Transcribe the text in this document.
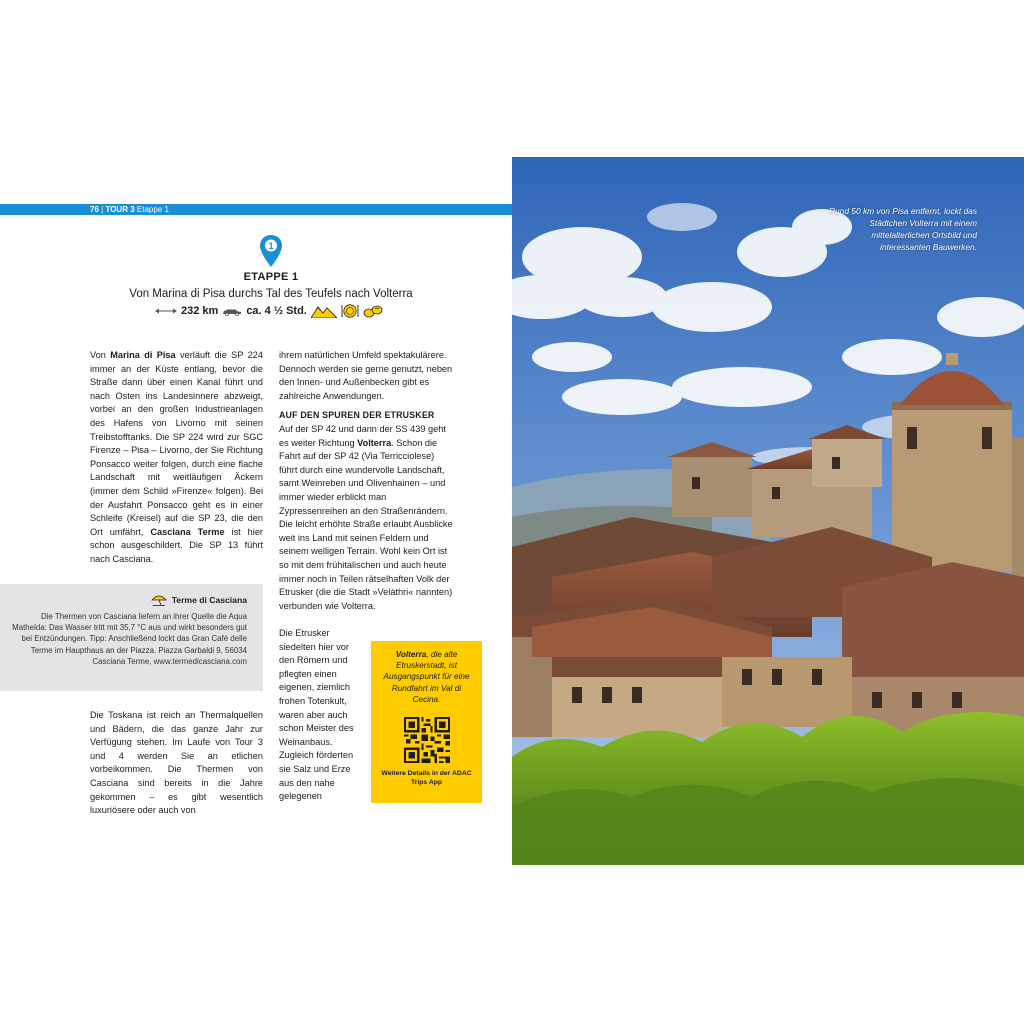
76 | TOUR 3 Etappe 1
1
ETAPPE 1
Von Marina di Pisa durchs Tal des Teufels nach Volterra
232 km	ca. 4 ½ Std.

Von Marina di Pisa verläuft die SP 224 immer an der Küste entlang, bevor die Straße dann über einen Kanal führt und nach Osten ins Landesinnere abzweigt, vorbei an den großen Industrieanlagen des Hafens von Livorno mit seinen Treibstofftanks. Die SP 224 wird zur SGC Firenze – Pisa – Livorno, der Sie Richtung Ponsacco weiter folgen, durch eine flache Landschaft mit weitläufigen Äckern (immer dem Schild »Firenze« folgen). Bei der Ausfahrt Ponsacco geht es in einer Schleife (Kreisel) auf die SP 23, die den Ort umfährt, Casciana Terme ist hier schon ausgeschildert. Die SP 13 führt nach Casciana.

Terme di Casciana
Die Thermen von Casciana liefern an ihrer Quelle die Aqua Mathelda: Das Wasser tritt mit 35,7 °C aus und wirkt besonders gut bei Entzündungen. Tipp: Anschließend lockt das Gran Café delle Terme im Haupthaus an der Piazza. Piazza Garbaldi 9, 56034 Casciana Terme, www.termedicasciana.com

Die Toskana ist reich an Thermalquellen und Bädern, die das ganze Jahr zur Verfügung stehen. Im Laufe von Tour 3 und 4 werden Sie an etlichen vorbeikommen. Die Thermen von Casciana sind bereits in die Jahre gekommen – es gibt wesentlich luxuriösere oder auch von

ihrem natürlichen Umfeld spektakulärere. Dennoch werden sie gerne genutzt, neben den Innen- und Außenbecken gibt es zahlreiche Anwendungen.

AUF DEN SPUREN DER ETRUSKER

Auf der SP 42 und dann der SS 439 geht es weiter Richtung Volterra. Schon die Fahrt auf der SP 42 (Via Terricciolese) führt durch eine wundervolle Landschaft, samt Weinreben und Olivenhainen – und immer wieder erblickt man Zypressenreihen an den Straßenrändern. Die leicht erhöhte Straße erlaubt Ausblicke weit ins Land mit seinen Feldern und seinem welligen Terrain. Wohl kein Ort ist so mit dem frühitalischen und auch heute immer noch in Teilen rätselhaften Volk der Etrusker (die die Stadt »Velàthri« nannten) verbunden wie Volterra.

Die Etrusker siedelten hier vor den Römern und pflegten einen eigenen, ziemlich frohen Totenkult, waren aber auch schon Meister des Weinanbaus. Zugleich förderten sie Salz und Erze aus den nahe gelegenen

Volterra, die alte Etruskerstadt, ist Ausgangspunkt für eine Rundfahrt im Val di Cecina.
Weitere Details in der ADAC Trips App
Rund 50 km von Pisa entfernt, lockt das Städtchen Volterra mit einem mittelalterlichen Ortsbild und interessanten Bauwerken.
